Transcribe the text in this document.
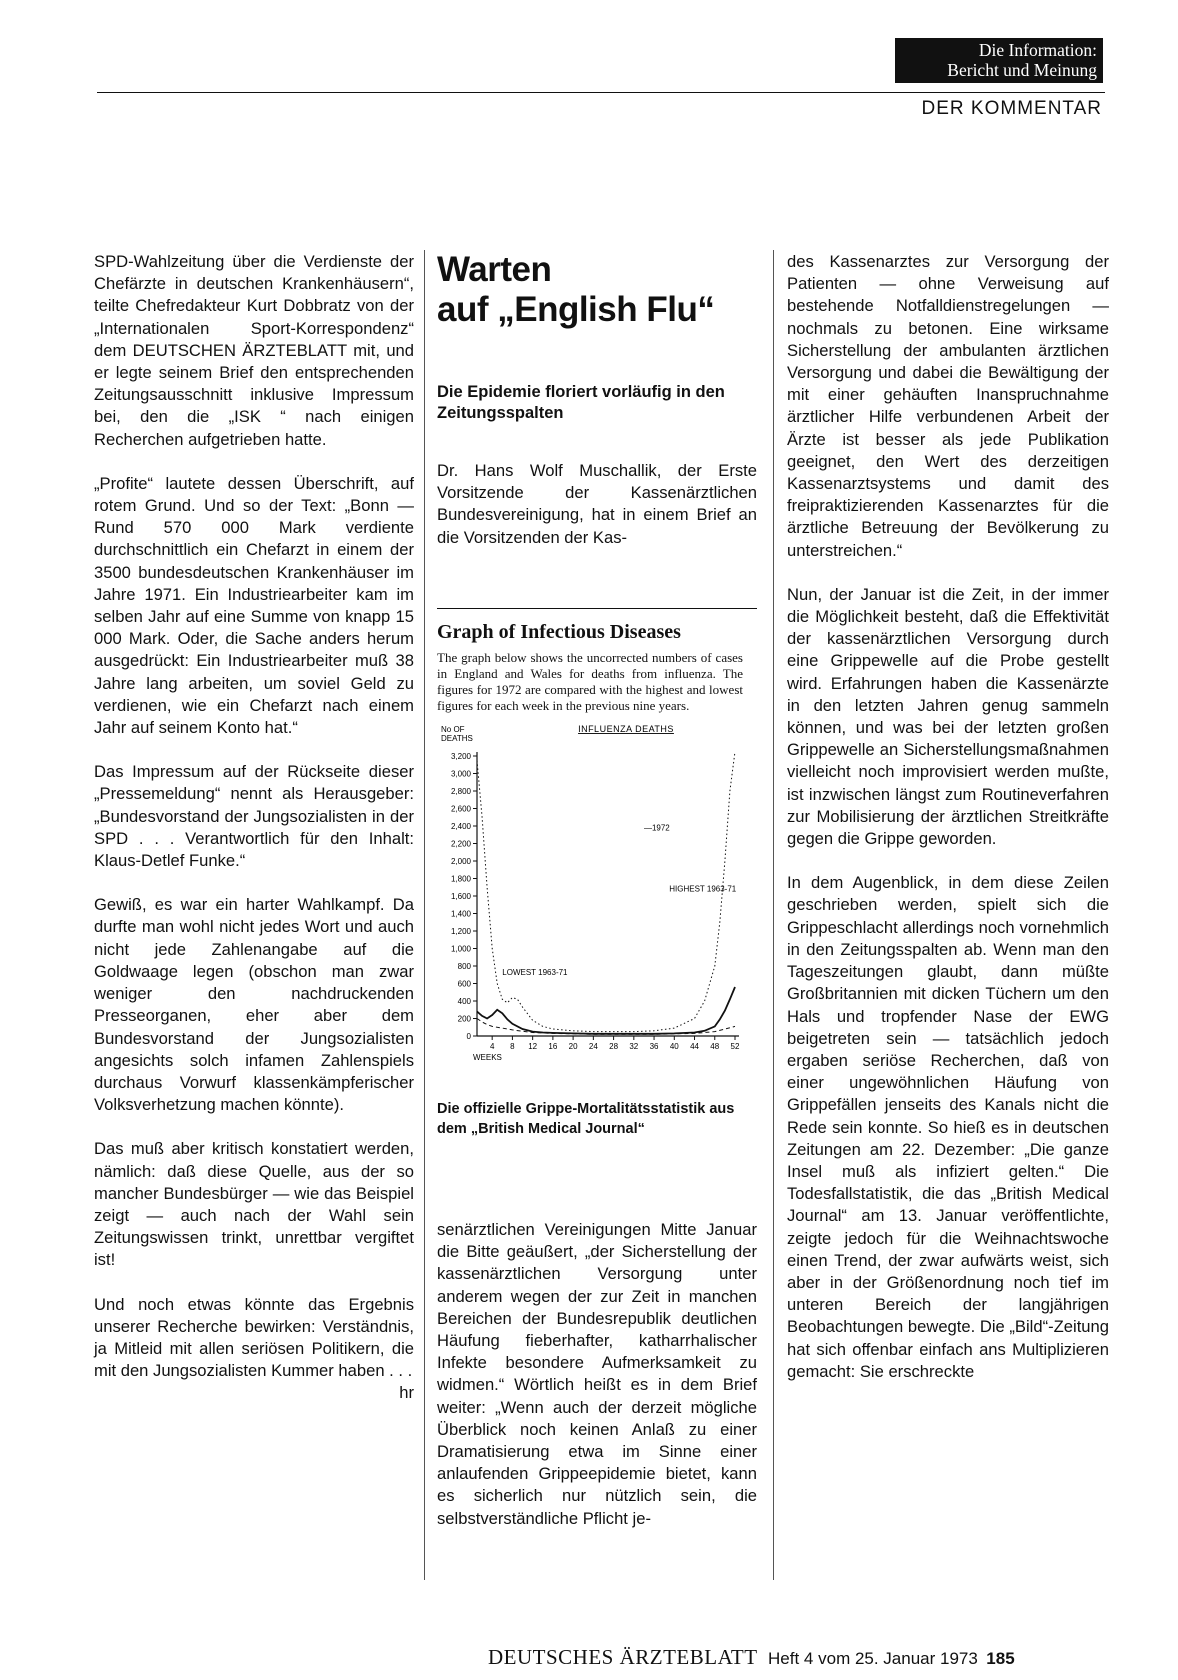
Die Information:
Bericht und Meinung
DER KOMMENTAR

SPD-Wahlzeitung über die Verdienste der Chefärzte in deutschen Krankenhäusern“, teilte Chefredakteur Kurt Dobbratz von der „Internationalen Sport-Korrespondenz“ dem DEUTSCHEN ÄRZTEBLATT mit, und er legte seinem Brief den entsprechenden Zeitungsausschnitt inklusive Impressum bei, den die „ISK “ nach einigen Recherchen aufgetrieben hatte.

„Profite“ lautete dessen Überschrift, auf rotem Grund. Und so der Text: „Bonn — Rund 570 000 Mark verdiente durchschnittlich ein Chefarzt in einem der 3500 bundesdeutschen Krankenhäuser im Jahre 1971. Ein Industriearbeiter kam im selben Jahr auf eine Summe von knapp 15 000 Mark. Oder, die Sache anders herum ausgedrückt: Ein Industriearbeiter muß 38 Jahre lang arbeiten, um soviel Geld zu verdienen, wie ein Chefarzt nach einem Jahr auf seinem Konto hat.“

Das Impressum auf der Rückseite dieser „Pressemeldung“ nennt als Herausgeber: „Bundesvorstand der Jungsozialisten in der SPD . . . Verantwortlich für den Inhalt: Klaus-Detlef Funke.“

Gewiß, es war ein harter Wahlkampf. Da durfte man wohl nicht jedes Wort und auch nicht jede Zahlenangabe auf die Goldwaage legen (obschon man zwar weniger den nachdruckenden Presseorganen, eher aber dem Bundesvorstand der Jungsozialisten angesichts solch infamen Zahlenspiels durchaus Vorwurf klassenkämpferischer Volksverhetzung machen könnte).

Das muß aber kritisch konstatiert werden, nämlich: daß diese Quelle, aus der so mancher Bundesbürger — wie das Beispiel zeigt — auch nach der Wahl sein Zeitungswissen trinkt, unrettbar vergiftet ist!

Und noch etwas könnte das Ergebnis unserer Recherche bewirken: Verständnis, ja Mitleid mit allen seriösen Politikern, die mit den Jungsozialisten Kummer haben . . .

hr
Warten
auf „English Flu“
Die Epidemie floriert vorläufig in den Zeitungsspalten

Dr. Hans Wolf Muschallik, der Erste Vorsitzende der Kassenärztlichen Bundesvereinigung, hat in einem Brief an die Vorsitzenden der Kas-

Graph of Infectious Diseases
The graph below shows the uncorrected numbers of cases in England and Wales for deaths from influenza. The figures for 1972 are compared with the highest and lowest figures for each week in the previous nine years.
INFLUENZA DEATHS
No OF
DEATHS
0
200
400
600
800
1,000
1,200
1,400
1,600
1,800
2,000
2,200
2,400
2,600
2,800
3,000
3,200
4 8 12 16 20 24 28 32 36 40 44 48 52
WEEKS
—1972
HIGHEST 1963-71
LOWEST 1963-71
Die offizielle Grippe-Mortalitätsstatistik aus dem „British Medical Journal“

senärztlichen Vereinigungen Mitte Januar die Bitte geäußert, „der Sicherstellung der kassenärztlichen Versorgung unter anderem wegen der zur Zeit in manchen Bereichen der Bundesrepublik deutlichen Häufung fieberhafter, katharrhalischer Infekte besondere Aufmerksamkeit zu widmen.“ Wörtlich heißt es in dem Brief weiter: „Wenn auch der derzeit mögliche Überblick noch keinen Anlaß zu einer Dramatisierung etwa im Sinne einer anlaufenden Grippeepidemie bietet, kann es sicherlich nur nützlich sein, die selbstverständliche Pflicht je-

des Kassenarztes zur Versorgung der Patienten — ohne Verweisung auf bestehende Notfalldienstregelungen — nochmals zu betonen. Eine wirksame Sicherstellung der ambulanten ärztlichen Versorgung und dabei die Bewältigung der mit einer gehäuften Inanspruchnahme ärztlicher Hilfe verbundenen Arbeit der Ärzte ist besser als jede Publikation geeignet, den Wert des derzeitigen Kassenarztsystems und damit des freipraktizierenden Kassenarztes für die ärztliche Betreuung der Bevölkerung zu unterstreichen.“

Nun, der Januar ist die Zeit, in der immer die Möglichkeit besteht, daß die Effektivität der kassenärztlichen Versorgung durch eine Grippewelle auf die Probe gestellt wird. Erfahrungen haben die Kassenärzte in den letzten Jahren genug sammeln können, und was bei der letzten großen Grippewelle an Sicherstellungsmaßnahmen vielleicht noch improvisiert werden mußte, ist inzwischen längst zum Routineverfahren zur Mobilisierung der ärztlichen Streitkräfte gegen die Grippe geworden.

In dem Augenblick, in dem diese Zeilen geschrieben werden, spielt sich die Grippeschlacht allerdings noch vornehmlich in den Zeitungsspalten ab. Wenn man den Tageszeitungen glaubt, dann müßte Großbritannien mit dicken Tüchern um den Hals und tropfender Nase der EWG beigetreten sein — tatsächlich jedoch ergaben seriöse Recherchen, daß von einer ungewöhnlichen Häufung von Grippefällen jenseits des Kanals nicht die Rede sein konnte. So hieß es in deutschen Zeitungen am 22. Dezember: „Die ganze Insel muß als infiziert gelten.“ Die Todesfallstatistik, die das „British Medical Journal“ am 13. Januar veröffentlichte, zeigte jedoch für die Weihnachtswoche einen Trend, der zwar aufwärts weist, sich aber in der Größenordnung noch tief im unteren Bereich der langjährigen Beobachtungen bewegte. Die „Bild“-Zeitung hat sich offenbar einfach ans Multiplizieren gemacht: Sie erschreckte

DEUTSCHES ÄRZTEBLATT Heft 4 vom 25. Januar 1973 185
